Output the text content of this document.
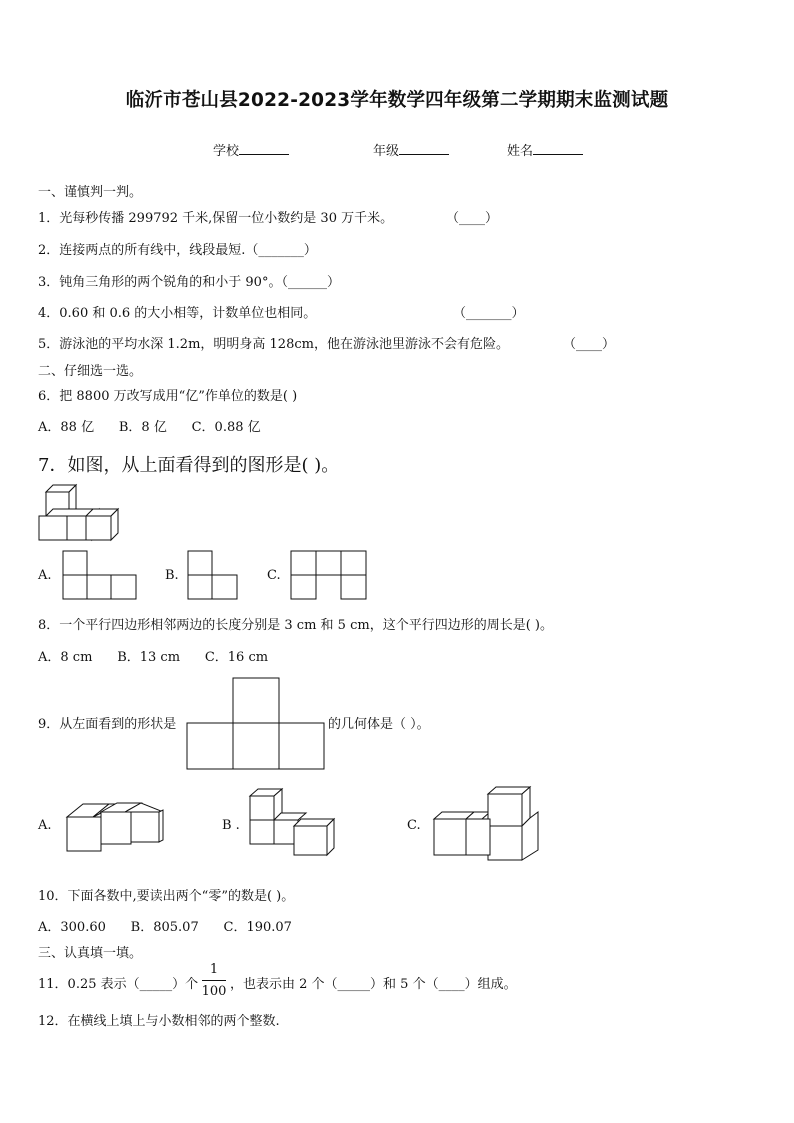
临沂市苍山县2022-2023学年数学四年级第二学期期末监测试题
学校	年级	姓名
一、谨慎判一判。
1．光每秒传播 299792 千米,保留一位小数约是 30 万千米。	（____）
2．连接两点的所有线中，线段最短.（_______）
3．钝角三角形的两个锐角的和小于 90°。（______）
4．0.60 和 0.6 的大小相等，计数单位也相同。	（_______）
5．游泳池的平均水深 1.2m，明明身高 128cm，他在游泳池里游泳不会有危险。	（____）
二、仔细选一选。
6．把 8800 万改写成用“亿”作单位的数是( )
A．88 亿      B．8 亿      C．0.88 亿
7．如图，从上面看得到的图形是( )。
A.	B.	C.
8．一个平行四边形相邻两边的长度分别是 3 cm 和 5 cm，这个平行四边形的周长是( )。
A．8 cm      B．13 cm      C．16 cm
9．从左面看到的形状是	的几何体是（ ）。
A.	B .	C.
10．下面各数中,要读出两个“零”的数是( )。
A．300.60      B．805.07      C．190.07
三、认真填一填。
11．0.25 表示（_____）个
1
100 ，也表示由 2 个（_____）和 5 个（____）组成。
12．在横线上填上与小数相邻的两个整数.
